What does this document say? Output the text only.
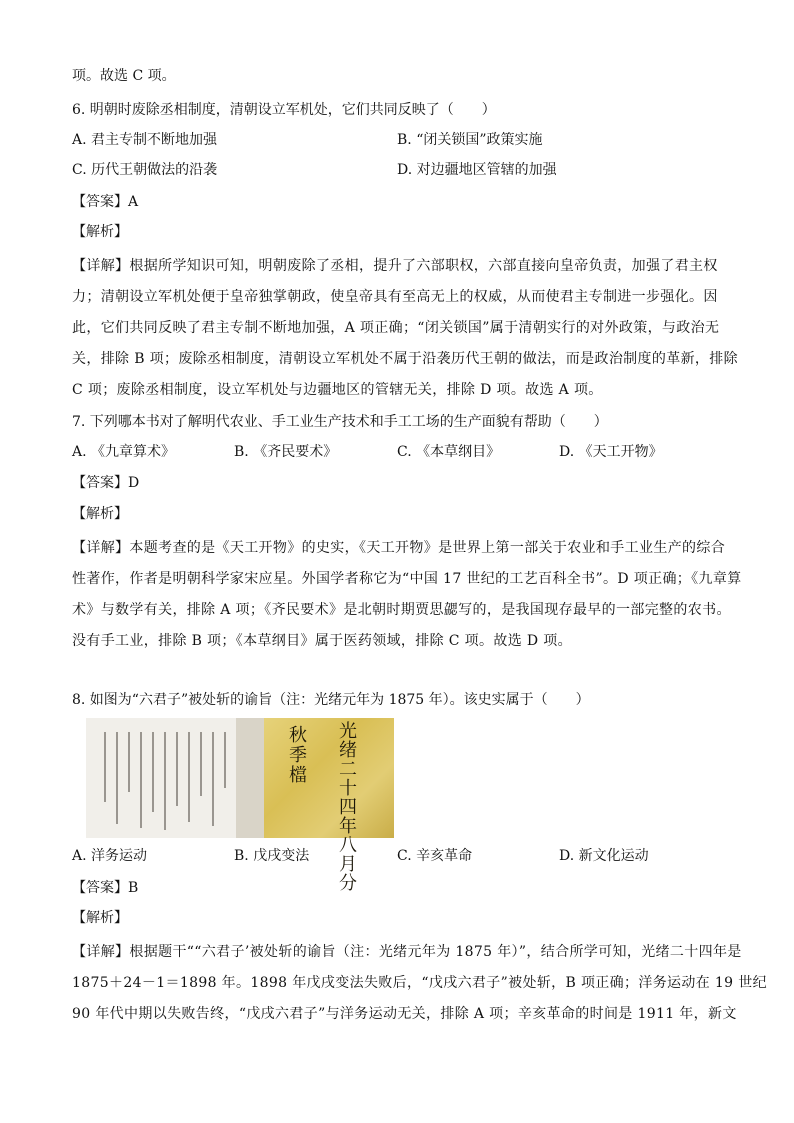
项。故选 C 项。
6. 明朝时废除丞相制度，清朝设立军机处，它们共同反映了（　　）
A. 君主专制不断地加强	B. “闭关锁国”政策实施
C. 历代王朝做法的沿袭	D. 对边疆地区管辖的加强
【答案】A
【解析】
【详解】根据所学知识可知，明朝废除了丞相，提升了六部职权，六部直接向皇帝负责，加强了君主权
力；清朝设立军机处便于皇帝独掌朝政，使皇帝具有至高无上的权威，从而使君主专制进一步强化。因
此，它们共同反映了君主专制不断地加强，A 项正确；“闭关锁国”属于清朝实行的对外政策，与政治无
关，排除 B 项；废除丞相制度，清朝设立军机处不属于沿袭历代王朝的做法，而是政治制度的革新，排除
C 项；废除丞相制度，设立军机处与边疆地区的管辖无关，排除 D 项。故选 A 项。
7. 下列哪本书对了解明代农业、手工业生产技术和手工工场的生产面貌有帮助（　　）
A. 《九章算术》	B. 《齐民要术》	C. 《本草纲目》	D. 《天工开物》
【答案】D
【解析】
【详解】本题考查的是《天工开物》的史实，《天工开物》是世界上第一部关于农业和手工业生产的综合
性著作，作者是明朝科学家宋应星。外国学者称它为“中国 17 世纪的工艺百科全书”。D 项正确；《九章算
术》与数学有关，排除 A 项；《齐民要术》是北朝时期贾思勰写的，是我国现存最早的一部完整的农书。
没有手工业，排除 B 项；《本草纲目》属于医药领域，排除 C 项。故选 D 项。
8. 如图为“六君子”被处斩的谕旨（注：光绪元年为 1875 年）。该史实属于（　　）
秋季檔
光绪二十四年八月分
A. 洋务运动	B. 戊戌变法	C. 辛亥革命	D. 新文化运动
【答案】B
【解析】
【详解】根据题干““六君子’被处斩的谕旨（注：光绪元年为 1875 年）”，结合所学可知，光绪二十四年是
1875＋24－1＝1898 年。1898 年戊戌变法失败后，“戊戌六君子”被处斩，B 项正确；洋务运动在 19 世纪
90 年代中期以失败告终，“戊戌六君子”与洋务运动无关，排除 A 项；辛亥革命的时间是 1911 年，新文
